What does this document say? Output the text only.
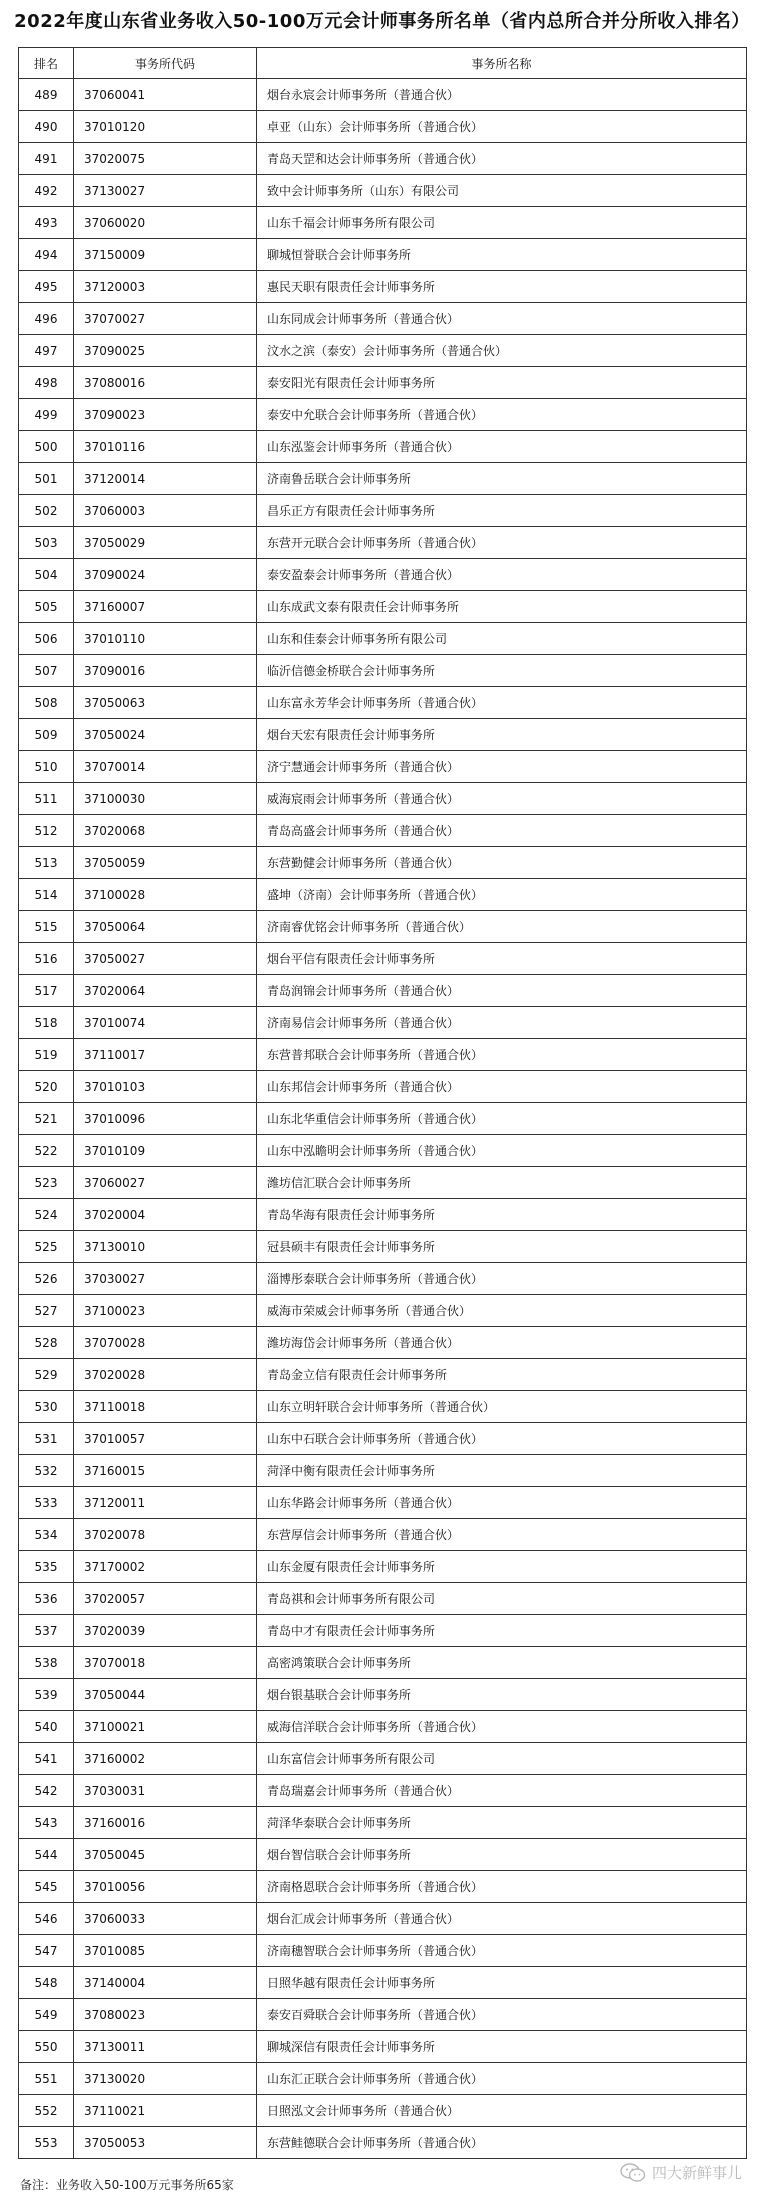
2022年度山东省业务收入50-100万元会计师事务所名单（省内总所合并分所收入排名）
排名	事务所代码	事务所名称
489	37060041	烟台永宸会计师事务所（普通合伙）
490	37010120	卓亚（山东）会计师事务所（普通合伙）
491	37020075	青岛天罡和达会计师事务所（普通合伙）
492	37130027	致中会计师事务所（山东）有限公司
493	37060020	山东千福会计师事务所有限公司
494	37150009	聊城恒誉联合会计师事务所
495	37120003	惠民天职有限责任会计师事务所
496	37070027	山东同成会计师事务所（普通合伙）
497	37090025	汶水之滨（泰安）会计师事务所（普通合伙）
498	37080016	泰安阳光有限责任会计师事务所
499	37090023	泰安中允联合会计师事务所（普通合伙）
500	37010116	山东泓鉴会计师事务所（普通合伙）
501	37120014	济南鲁岳联合会计师事务所
502	37060003	昌乐正方有限责任会计师事务所
503	37050029	东营开元联合会计师事务所（普通合伙）
504	37090024	泰安盈泰会计师事务所（普通合伙）
505	37160007	山东成武文泰有限责任会计师事务所
506	37010110	山东和佳泰会计师事务所有限公司
507	37090016	临沂信德金桥联合会计师事务所
508	37050063	山东富永芳华会计师事务所（普通合伙）
509	37050024	烟台天宏有限责任会计师事务所
510	37070014	济宁慧通会计师事务所（普通合伙）
511	37100030	威海宸雨会计师事务所（普通合伙）
512	37020068	青岛高盛会计师事务所（普通合伙）
513	37050059	东营勤健会计师事务所（普通合伙）
514	37100028	盛坤（济南）会计师事务所（普通合伙）
515	37050064	济南睿优铭会计师事务所（普通合伙）
516	37050027	烟台平信有限责任会计师事务所
517	37020064	青岛润锦会计师事务所（普通合伙）
518	37010074	济南易信会计师事务所（普通合伙）
519	37110017	东营普邦联合会计师事务所（普通合伙）
520	37010103	山东邦信会计师事务所（普通合伙）
521	37010096	山东北华重信会计师事务所（普通合伙）
522	37010109	山东中泓瞻明会计师事务所（普通合伙）
523	37060027	潍坊信汇联合会计师事务所
524	37020004	青岛华海有限责任会计师事务所
525	37130010	冠县硕丰有限责任会计师事务所
526	37030027	淄博彤泰联合会计师事务所（普通合伙）
527	37100023	威海市荣威会计师事务所（普通合伙）
528	37070028	潍坊海岱会计师事务所（普通合伙）
529	37020028	青岛金立信有限责任会计师事务所
530	37110018	山东立明轩联合会计师事务所（普通合伙）
531	37010057	山东中石联合会计师事务所（普通合伙）
532	37160015	菏泽中衡有限责任会计师事务所
533	37120011	山东华路会计师事务所（普通合伙）
534	37020078	东营厚信会计师事务所（普通合伙）
535	37170002	山东金厦有限责任会计师事务所
536	37020057	青岛祺和会计师事务所有限公司
537	37020039	青岛中才有限责任会计师事务所
538	37070018	高密鸿策联合会计师事务所
539	37050044	烟台银基联合会计师事务所
540	37100021	威海信洋联合会计师事务所（普通合伙）
541	37160002	山东富信会计师事务所有限公司
542	37030031	青岛瑞嘉会计师事务所（普通合伙）
543	37160016	菏泽华泰联合会计师事务所
544	37050045	烟台智信联合会计师事务所
545	37010056	济南格恩联合会计师事务所（普通合伙）
546	37060033	烟台汇成会计师事务所（普通合伙）
547	37010085	济南穗智联合会计师事务所（普通合伙）
548	37140004	日照华越有限责任会计师事务所
549	37080023	泰安百舜联合会计师事务所（普通合伙）
550	37130011	聊城深信有限责任会计师事务所
551	37130020	山东汇正联合会计师事务所（普通合伙）
552	37110021	日照泓文会计师事务所（普通合伙）
553	37050053	东营鲑德联合会计师事务所（普通合伙）
备注：业务收入50-100万元事务所65家
四大新鲜事儿
